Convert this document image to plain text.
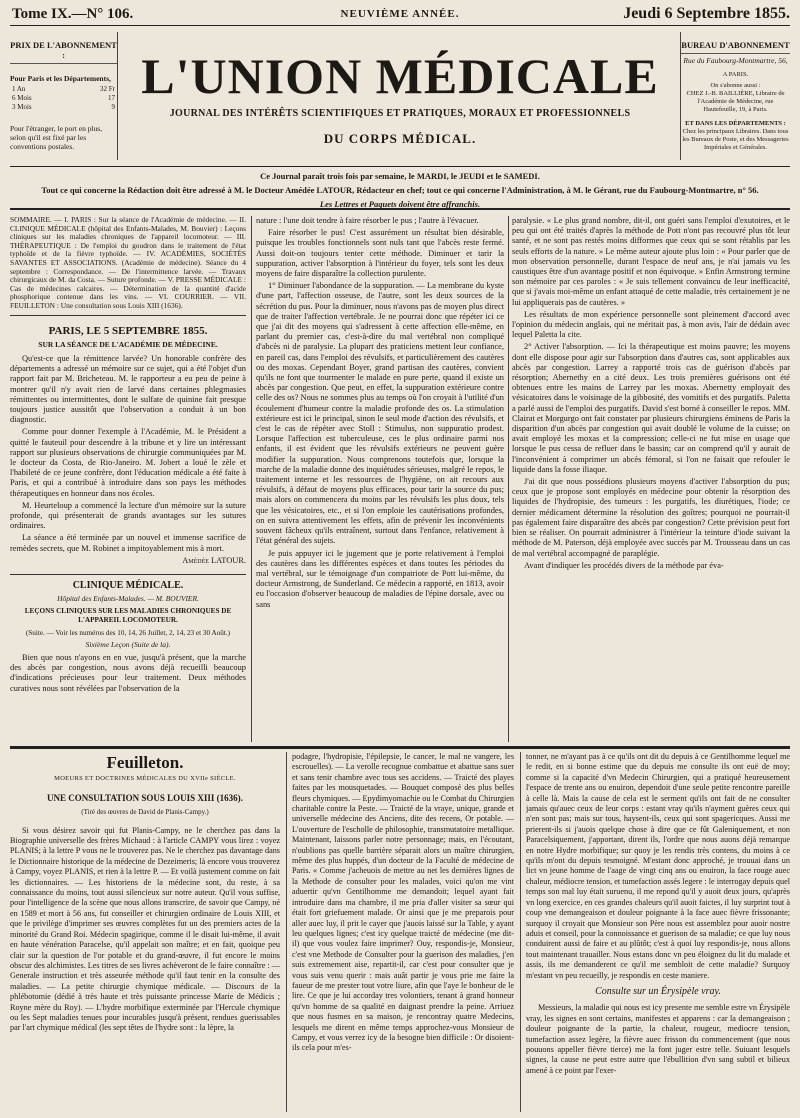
Tome IX.—N° 106.	NEUVIÈME ANNÉE.	Jeudi 6 Septembre 1855.
PRIX DE L'ABONNEMENT :
Pour Paris et les Départements,
1 An	32 Fr
6 Mois	17
3 Mois	9
Pour l'étranger, le port en plus, selon qu'il est fixé par les conventions postales.
L'UNION MÉDICALE
JOURNAL DES INTÉRÊTS SCIENTIFIQUES ET PRATIQUES, MORAUX ET PROFESSIONNELS
DU CORPS MÉDICAL.
BUREAU D'ABONNEMENT
Rue du Faubourg-Montmartre, 56,
A PARIS.
On s'abonne aussi :
CHEZ J.-B. BAILLIÈRE, Libraire de l'Académie de Médecine, rue Hautefeuille, 19, à Paris.
ET DANS LES DÉPARTEMENTS :
Chez les principaux Libraires. Dans tous les Bureaux de Poste, et des Messageries Impériales et Générales.
Ce Journal paraît trois fois par semaine, le MARDI, le JEUDI et le SAMEDI.
Tout ce qui concerne la Rédaction doit être adressé à M. le Docteur Amédée LATOUR, Rédacteur en chef; tout ce qui concerne l'Administration, à M. le Gérant, rue du Faubourg-Montmartre, n° 56.
Les Lettres et Paquets doivent être affranchis.
SOMMAIRE. — I. PARIS : Sur la séance de l'Académie de médecine. — II. CLINIQUE MÉDICALE (hôpital des Enfants-Malades, M. Bouvier) : Leçons cliniques sur les maladies chroniques de l'appareil locomoteur. — III. THÉRAPEUTIQUE : De l'emploi du goudron dans le traitement de l'état typhoïde et de la fièvre typhoïde. — IV. ACADÉMIES, SOCIÉTÉS SAVANTES ET ASSOCIATIONS. (Académie de médecine). Séance du 4 septembre : Correspondance. — De l'intermittence larvée. — Travaux chirurgicaux de M. da Costa. — Suture profonde. — V. PRESSE MÉDICALE : Cas de médecines calcaires. — Détermination de la quantité d'acide phosphorique contenue dans les vins. — VI. COURRIER. — VII. FEUILLETON : Une consultation sous Louis XIII (1636).
PARIS, LE 5 SEPTEMBRE 1855.
SUR LA SÉANCE DE L'ACADÉMIE DE MÉDECINE.

Qu'est-ce que la rémittence larvée? Un honorable confrère des départements a adressé un mémoire sur ce sujet, qui a été l'objet d'un rapport fait par M. Bricheteau. M. le rapporteur a eu peu de peine à montrer qu'il n'y avait rien de larvé dans certaines phlegmasies rémittentes ou intermittentes, dont le sulfate de quinine fait presque toujours justice aussitôt que l'observation a conduit à un bon diagnostic.

Comme pour donner l'exemple à l'Académie, M. le Président a quitté le fauteuil pour descendre à la tribune et y lire un intéressant rapport sur plusieurs observations de chirurgie communiquées par M. le docteur da Costa, de Rio-Janeiro. M. Jobert a loué le zèle et l'habileté de ce jeune confrère, dont l'éducation médicale a été faite à Paris, et qui a contribué à introduire dans son pays les méthodes thérapeutiques en honneur dans nos écoles.

M. Heurteloup a commencé la lecture d'un mémoire sur la suture profonde, qui présenterait de grands avantages sur les sutures ordinaires.

La séance a été terminée par un nouvel et immense sacrifice de remèdes secrets, que M. Robinet a impitoyablement mis à mort.

Amédée LATOUR.
CLINIQUE MÉDICALE.
Hôpital des Enfants-Malades. — M. BOUVIER.
LEÇONS CLINIQUES SUR LES MALADIES CHRONIQUES DE L'APPAREIL LOCOMOTEUR.
(Suite. — Voir les numéros des 10, 14, 26 Juillet, 2, 14, 23 et 30 Août.)
Sixième Leçon (Suite de la).

Bien que nous n'ayons en en vue, jusqu'à présent, que la marche des abcès par congestion, nous avons déjà recueilli beaucoup d'indications précieuses pour leur traitement. Deux méthodes curatives nous sont révélées par l'observation de la

nature : l'une doit tendre à faire résorber le pus ; l'autre à l'évacuer.

Faire résorber le pus! C'est assurément un résultat bien désirable, puisque les troubles fonctionnels sont nuls tant que l'abcès reste fermé. Aussi doit-on toujours tenter cette méthode. Diminuer et tarir la suppuration, activer l'absorption à l'intérieur du foyer, tels sont les deux moyens de faire disparaître la collection purulente.

1° Diminuer l'abondance de la suppuration. — La membrane du kyste d'une part, l'affection osseuse, de l'autre, sont les deux sources de la sécrétion du pus. Pour la diminuer, nous n'avons pas de moyen plus direct que de traiter l'affection vertébrale. Je ne pourrai donc que répéter ici ce que j'ai dit des moyens qui s'adressent à cette affection elle-même, en parlant du premier cas, c'est-à-dire du mal vertébral non compliqué d'abcès ni de paralysie. La plupart des praticiens mettent leur confiance, en pareil cas, dans l'emploi des révulsifs, et particulièrement des cautères ou des moxas. Cependant Boyer, grand partisan des cautères, convient qu'ils ne font que tourmenter le malade en pure perte, quand il existe un abcès par congestion. Que peut, en effet, la suppuration extérieure contre celle des os? Nous ne sommes plus au temps où l'on croyait à l'utilité d'un écoulement d'humeur contre la maladie profonde des os. La stimulation extérieure est ici le principal, sinon le seul mode d'action des révulsifs, et c'est le cas de répéter avec Stoll : Stimulus, non suppuratio prodest. Lorsque l'affection est tuberculeuse, ces le plus ordinaire parmi nos enfants, il est évident que les révulsifs extérieurs ne peuvent guère modifier la suppuration. Nous comprenons toutefois que, lorsque la marche de la maladie donne des inquiétudes sérieuses, malgré le repos, le traitement interne et les ressources de l'hygiène, on ait recours aux révulsifs, à défaut de moyens plus efficaces, pour tarir la source du pus; mais alors on commencera du moins par les révulsifs les plus doux, tels que les vésicatoires, etc., et si l'on emploie les cautérisations profondes, on en suivra attentivement les effets, afin de prévenir les inconvénients souvent fâcheux qu'ils entraînent, surtout dans l'enfance, relativement à l'état général des sujets.

Je puis appuyer ici le jugement que je porte relativement à l'emploi des cautères dans les différentes espèces et dans toutes les périodes du mal vertébral, sur le témoignage d'un compatriote de Pott lui-même, du docteur Armstrong, de Sunderland. Ce médecin a rapporté, en 1813, avoir eu l'occasion d'observer beaucoup de maladies de l'épine dorsale, avec ou sans

paralysie. « Le plus grand nombre, dit-il, ont guéri sans l'emploi d'exutoires, et le peu qui ont été traités d'après la méthode de Pott n'ont pas recouvré plus tôt leur santé, et ne sont pas restés moins difformes que ceux qui se sont rétablis par les seuls efforts de la nature. » Le même auteur ajoute plus loin : « Pour parler que de mon observation personnelle, durant l'espace de neuf ans, je n'ai jamais vu les caustiques être d'un avantage positif et non équivoque. » Enfin Armstrong termine son mémoire par ces paroles : « Je suis tellement convaincu de leur inefficacité, que si j'avais moi-même un enfant attaqué de cette maladie, très certainement je ne lui appliquerais pas de cautères. »

Les résultats de mon expérience personnelle sont pleinement d'accord avec l'opinion du médecin anglais, qui ne méritait pas, à mon avis, l'air de dédain avec lequel Paletta la cite.

2° Activer l'absorption. — Ici la thérapeutique est moins pauvre; les moyens dont elle dispose pour agir sur l'absorption dans d'autres cas, sont applicables aux abcès par congestion. Larrey a rapporté trois cas de guérison d'abcès par résorption; Abernethy en a cité deux. Les trois premières guérisons ont été obtenues entre les mains de Larrey par les moxas. Abernetty employait des vésicatoires dans le voisinage de la gibbosité, des vomitifs et des purgatifs. Paletta a parlé aussi de l'emploi des purgatifs. David s'est borné à conseiller le repos. MM. Clairat et Morgurgo ont fait constater par plusieurs chirurgiens éminens de Paris la disparition d'un abcès par congestion qui avait doublé le volume de la cuisse; on avait employé les moxas et la compression; celle-ci ne fut mise en usage que lorsque le pus cessa de refluer dans le bassin; car on comprend qu'il y aurait de l'inconvénient à comprimer un abcès fémoral, si l'on ne faisait que refouler le liquide dans la fosse iliaque.

J'ai dit que nous possédions plusieurs moyens d'activer l'absorption du pus; ceux que je propose sont employés en médecine pour obtenir la résorption des liquides de l'hydropisie, des tumeurs : les purgatifs, les diurétiques, l'iode; ce dernier médicament détermine la résolution des goîtres; pourquoi ne pourrait-il pas également faire disparaître des abcès par congestion? Cette prévision peut fort bien se réaliser. On pourrait administrer à l'intérieur la teinture d'iode suivant la méthode de M. Paterson, déjà employée avec succès par M. Trousseau dans un cas de mal vertébral accompagné de paraplégie.

Avant d'indiquer les procédés divers de la méthode par éva-

Feuilleton.
MOEURS ET DOCTRINES MÉDICALES DU XVIIe SIÈCLE.
UNE CONSULTATION SOUS LOUIS XIII (1636).
(Tiré des œuvres de David de Planis-Campy.)

Si vous désirez savoir qui fut Planis-Campy, ne le cherchez pas dans la Biographie universelle des frères Michaud : à l'article CAMPY vous lirez : voyez PLANIS; à la lettre P vous ne le trouverez pas. Ne le cherchez pas davantage dans le Dictionnaire historique de la médecine de Dezeimeris; là encore vous trouverez à Campy, voyez PLANIS, et rien à la lettre P. — Et voilà justement comme on fait les dictionnaires. — Les historiens de la médecine sont, du reste, à sa connaissance du moins, tout aussi silencieux sur notre auteur. Qu'il vous suffise, pour l'intelligence de la scène que nous allons transcrire, de savoir que Campy, né en 1589 et mort à 56 ans, fut conseiller et chirurgien ordinaire de Louis XIII, et que le privilège d'imprimer ses œuvres complètes fut un des premiers actes de la minorité du Grand Roi. Médecin spagirique, comme il le disait lui-même, il avait en haute vénération Paracelse, qu'il appelait son maître; et en fait, quoique peu clair sur la question de l'or potable et du grand-œuvre, il fut encore le moins obscur des alchimistes. Les titres de ses livres achèveront de le faire connaître : — Generale instruction et très asseurée méthode qu'il faut tenir en la consulte des maladies. — La petite chirurgie chymique médicale. — Discours de la phlébotomie (dédié à très haute et très puissante princesse Marie de Médicis ; Royne mère du Roy). — L'hydre morbifique exterminée par l'Hercule chymique ou les Sept maladies tenues pour incurables jusqu'à présent, rendues guerissables par l'art chymique médical (les sept têtes de l'hydre sont : la lèpre, la

podagre, l'hydropisie, l'épilepsie, le cancer, le mal ne vangere, les escrouelles). — La verolle recognue combattue et abattue sans suer et sans tenir chambre avec tous ses accidens. — Traicté des playes faites par les mousquetades. — Bouquet composé des plus belles fleurs chymiques. — Epydimyomachie ou le Combat du Chirurgien charitable contre la Peste. — Traicté de la vraye, unique, grande et universelle médecine des Anciens, dite des recens, Or potable. — L'ouverture de l'escholle de philosophie, transmutatoire metallique. Maintenant, laissons parler notre personnage; mais, en l'écoutant, n'oublions pas quelle barrière séparait alors un maître chirurgien, même des plus huppés, d'un docteur de la Faculté de médecine de Paris. « Comme j'acheuois de mettre au net les dernières lignes de la Methode de consulter pour les malades, voici qu'on me vint aduertir qu'vn Gentilhomme me demandoit; lequel ayant fait introduire dans ma chambre, il me pria d'aller visiter sa sœur qui était fort griefuement malade. Or ainsi que je me preparois pour aller auec luy, il prit le cayer que j'auois laissé sur la Table, y ayant leu quelques lignes; c'est icy quelque traicté de médecine (me dit-il) que vous voulez faire imprimer? Ouy, respondis-je, Monsieur, c'est vne Methode de Consulter pour la guerison des maladies, j'en suis extremement aise, repartit-il, car c'est pour consulter que je vous suis venu querir : mais auât partir je vous prie me faire la faueur de me prester tout votre liure, afin que l'aye le bonheur de le lire. Ce que je lui accorday tres volontiers, tenant à grand honneur qu'vn homme de sa qualité en daignast prendre la peine. Arriuez que nous fusmes en sa maison, je rencontray quatre Medecins, lesquels me dirent en même temps approchez-vous Monsieur de Campy, et vous verrez icy de la besogne bien difficile : Or disoient-ils cela pour m'es-

tonner, ne m'ayant pas à ce qu'ils ont dit du depuis à ce Gentilhomme lequel me le redit, en si bonne estime que du depuis me consulte ils ont euë de moy; comme si la capacité d'vn Medecin Chirurgien, qui a pratiqué heureusement l'espace de trente ans ou enuiron, dependoit d'une seule petite rencontre pareille à celle là. Mais la cause de cela est le serment qu'ils ont fait de ne consulter jamais qu'auec ceux de leur corps : estant vray qu'ils n'ayment guères ceux qui n'en sont pas; mais sur tous, haysent-ils, ceux qui sont spagericques. Aussi me prierent-ils si j'auois quelque chose à dire que ce fût Galeniquement, et non Paracelsiquement, j'apportant, dirent ils, l'ordre que nous auons déjà remarque en notre Hydre morbifique; sur quoy je les rendis très contens, du moins à ce qu'ils m'ont du depuis tesmoigné. M'estant donc approché, je trouuai dans un lict vn jeune homme de l'aage de vingt cinq ans ou enuiron, la face rouge auec chaleur, médiocre tension, et tumefaction assés legere : le interrogay depuis quel temps son mal luy était suruenu, il me repond qu'il y auoit deux jours, qu'après vn long exercice, en ces grandes chaleurs qu'il auoit faictes, il luy surprint tout à coup vne demangeaison et douleur poignante à la face auec fièvre frissonante; surquoy il croyait que Monsieur son Père nous est assemblez pour auoir nostre aduis et conseil, pour la connoissance et guerison de sa maladie; ce que luy nous conduirent aussi de faire et au plûtôt; c'est à quoi luy respondis-je, nous allons tout maintenant trauailler. Nous estans donc vn peu éloignez du lit du malade et assis, ils me demanderent ce qu'il me sembloit de cette maladie? Surquoy m'estant vn peu recueilly, je respondis en ceste maniere.

Consulte sur un Érysipèle vray.

Messieurs, la maladie qui nous est icy presente me semble estre vn Érysipèle vray, les signes en sont certains, manifestes et apparens : car la demangeaison ; douleur poignante de la partie, la chaleur, rougeur, mediocre tension, tumefaction assez legère, la fièvre auec frisson du commencement (que nous pouuons appeller fièvre tierce) me la font juger estre telle. Suiuant lesquels signes, la cause ne peut estre autre que l'ébullition d'vn sang subtil et bilieux amené à ce point par l'exer-
